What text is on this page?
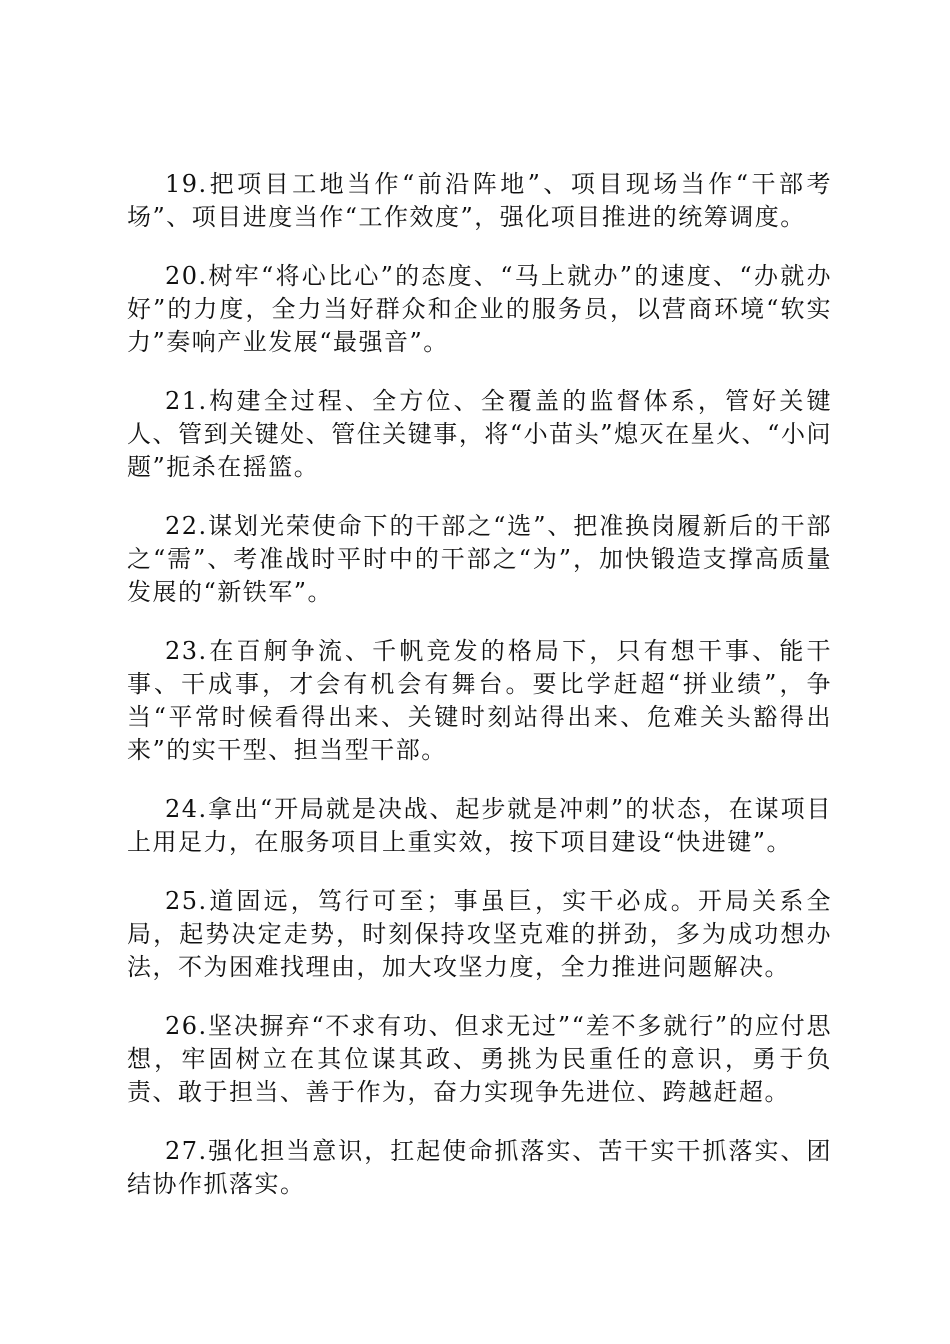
19.把项目工地当作“前沿阵地”、项目现场当作“干部考场”、项目进度当作“工作效度”，强化项目推进的统筹调度。

20.树牢“将心比心”的态度、“马上就办”的速度、“办就办好”的力度，全力当好群众和企业的服务员，以营商环境“软实力”奏响产业发展“最强音”。

21.构建全过程、全方位、全覆盖的监督体系，管好关键人、管到关键处、管住关键事，将“小苗头”熄灭在星火、“小问题”扼杀在摇篮。

22.谋划光荣使命下的干部之“选”、把准换岗履新后的干部之“需”、考准战时平时中的干部之“为”，加快锻造支撑高质量发展的“新铁军”。

23.在百舸争流、千帆竞发的格局下，只有想干事、能干事、干成事，才会有机会有舞台。要比学赶超“拼业绩”，争当“平常时候看得出来、关键时刻站得出来、危难关头豁得出来”的实干型、担当型干部。

24.拿出“开局就是决战、起步就是冲刺”的状态，在谋项目上用足力，在服务项目上重实效，按下项目建设“快进键”。

25.道固远，笃行可至；事虽巨，实干必成。开局关系全局，起势决定走势，时刻保持攻坚克难的拼劲，多为成功想办法，不为困难找理由，加大攻坚力度，全力推进问题解决。

26.坚决摒弃“不求有功、但求无过”“差不多就行”的应付思想，牢固树立在其位谋其政、勇挑为民重任的意识，勇于负责、敢于担当、善于作为，奋力实现争先进位、跨越赶超。

27.强化担当意识，扛起使命抓落实、苦干实干抓落实、团结协作抓落实。
